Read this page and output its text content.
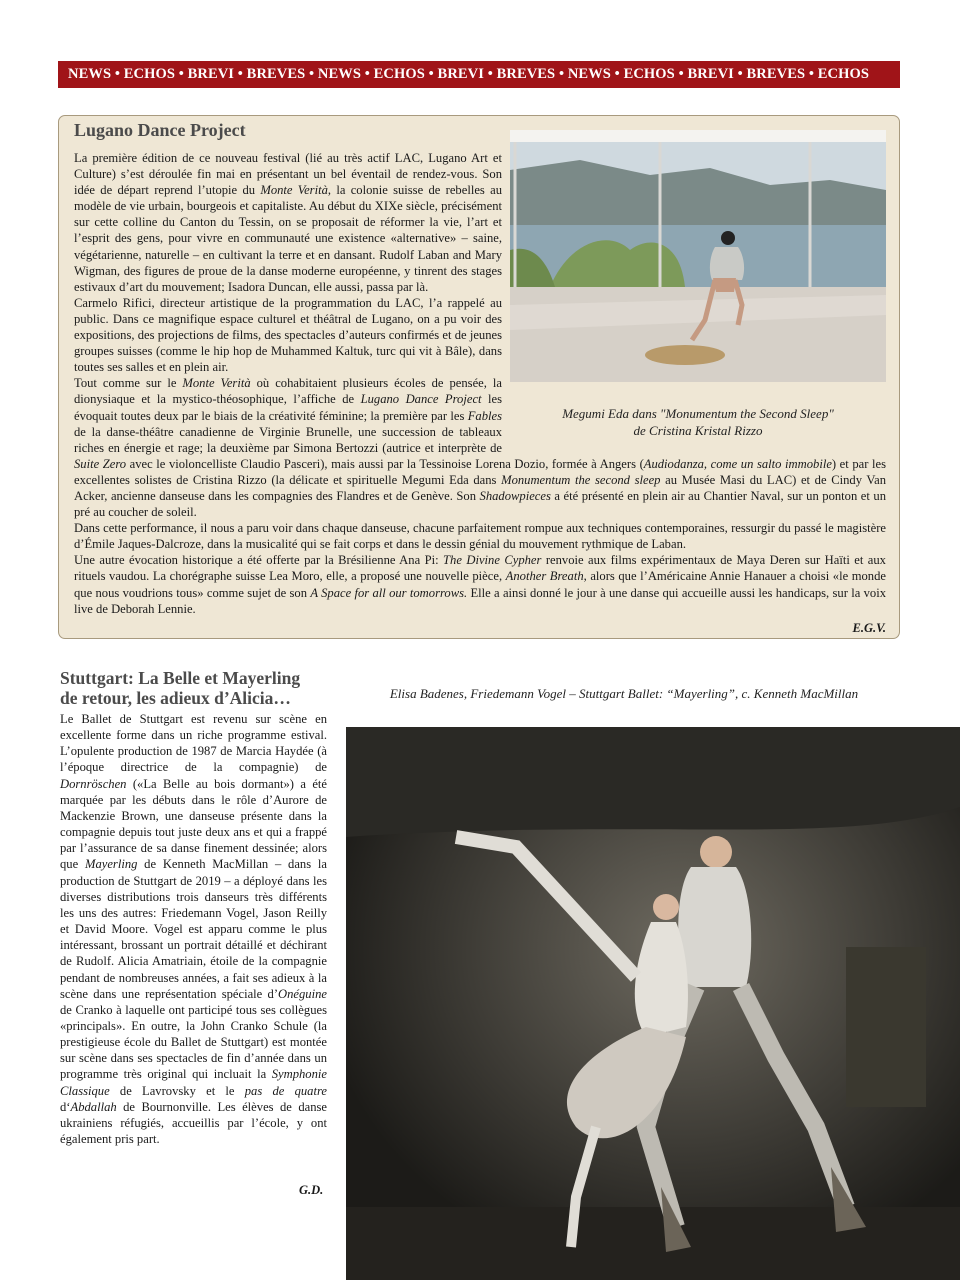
NEWS • ECHOS • BREVI • BREVES • NEWS • ECHOS • BREVI • BREVES • NEWS • ECHOS • BREVI • BREVES • ECHOS
Lugano Dance Project
Megumi Eda dans "Monumentum the Second Sleep"
de Cristina Kristal Rizzo

La première édition de ce nouveau festival (lié au très actif LAC, Lugano Art et Culture) s’est déroulée fin mai en présentant un bel éventail de rendez-vous. Son idée de départ reprend l’utopie du Monte Verità, la colonie suisse de rebelles au modèle de vie urbain, bourgeois et capitaliste. Au début du XIXe siècle, précisément sur cette colline du Canton du Tessin, on se proposait de réformer la vie, l’art et l’esprit des gens, pour vivre en communauté une existence «alternative» – saine, végétarienne, naturelle – en cultivant la terre et en dansant. Rudolf Laban and Mary Wigman, des figures de proue de la danse moderne européenne, y tinrent des stages estivaux d’art du mouvement; Isadora Duncan, elle aussi, passa par là.

Carmelo Rifici, directeur artistique de la programmation du LAC, l’a rappelé au public. Dans ce magnifique espace culturel et théâtral de Lugano, on a pu voir des expositions, des projections de films, des spectacles d’auteurs confirmés et de jeunes groupes suisses (comme le hip hop de Muhammed Kaltuk, turc qui vit à Bâle), dans toutes ses salles et en plein air.

Tout comme sur le Monte Verità où cohabitaient plusieurs écoles de pensée, la dionysiaque et la mystico-théosophique, l’affiche de Lugano Dance Project les évoquait toutes deux par le biais de la créativité féminine; la première par les Fables de la danse-théâtre canadienne de Virginie Brunelle, une succession de tableaux riches en énergie et rage; la deuxième par Simona Bertozzi (autrice et interprète de Suite Zero avec le violoncelliste Claudio Pasceri), mais aussi par la Tessinoise Lorena Dozio, formée à Angers (Audiodanza, come un salto immobile) et par les excellentes solistes de Cristina Rizzo (la délicate et spirituelle Megumi Eda dans Monumentum the second sleep au Musée Masi du LAC) et de Cindy Van Acker, ancienne danseuse dans les compagnies des Flandres et de Genève. Son Shadowpieces a été présenté en plein air au Chantier Naval, sur un ponton et un pré au coucher de soleil.

Dans cette performance, il nous a paru voir dans chaque danseuse, chacune parfaitement rompue aux techniques contemporaines, ressurgir du passé le magistère d’Émile Jaques-Dalcroze, dans la musicalité qui se fait corps et dans le dessin génial du mouvement rythmique de Laban.

Une autre évocation historique a été offerte par la Brésilienne Ana Pi: The Divine Cypher renvoie aux films expérimentaux de Maya Deren sur Haïti et aux rituels vaudou. La chorégraphe suisse Lea Moro, elle, a proposé une nouvelle pièce, Another Breath, alors que l’Américaine Annie Hanauer a choisi «le monde que nous voudrions tous» comme sujet de son A Space for all our tomorrows. Elle a ainsi donné le jour à une danse qui accueille aussi les handicaps, sur la voix live de Deborah Lennie.

E.G.V.
Stuttgart: La Belle et Mayerling
de retour, les adieux d’Alicia…

Le Ballet de Stuttgart est revenu sur scène en excellente forme dans un riche programme estival. L’opulente production de 1987 de Marcia Haydée (à l’époque directrice de la compagnie) de Dornröschen («La Belle au bois dormant») a été marquée par les débuts dans le rôle d’Aurore de Mackenzie Brown, une danseuse présente dans la compagnie depuis tout juste deux ans et qui a frappé par l’assurance de sa danse finement dessinée; alors que Mayerling de Kenneth MacMillan – dans la production de Stuttgart de 2019 – a déployé dans les diverses distributions trois danseurs très différents les uns des autres: Friedemann Vogel, Jason Reilly et David Moore. Vogel est apparu comme le plus intéressant, brossant un portrait détaillé et déchirant de Rudolf. Alicia Amatriain, étoile de la compagnie pendant de nombreuses années, a fait ses adieux à la scène dans une représentation spéciale d’Onéguine de Cranko à laquelle ont participé tous ses collègues «principals». En outre, la John Cranko Schule (la prestigieuse école du Ballet de Stuttgart) est montée sur scène dans ses spectacles de fin d’année dans un programme très original qui incluait la Symphonie Classique de Lavrovsky et le pas de quatre d‘Abdallah de Bournonville. Les élèves de danse ukrainiens réfugiés, accueillis par l’école, y ont également pris part.

G.D.
Elisa Badenes, Friedemann Vogel – Stuttgart Ballet: “Mayerling”, c. Kenneth MacMillan
